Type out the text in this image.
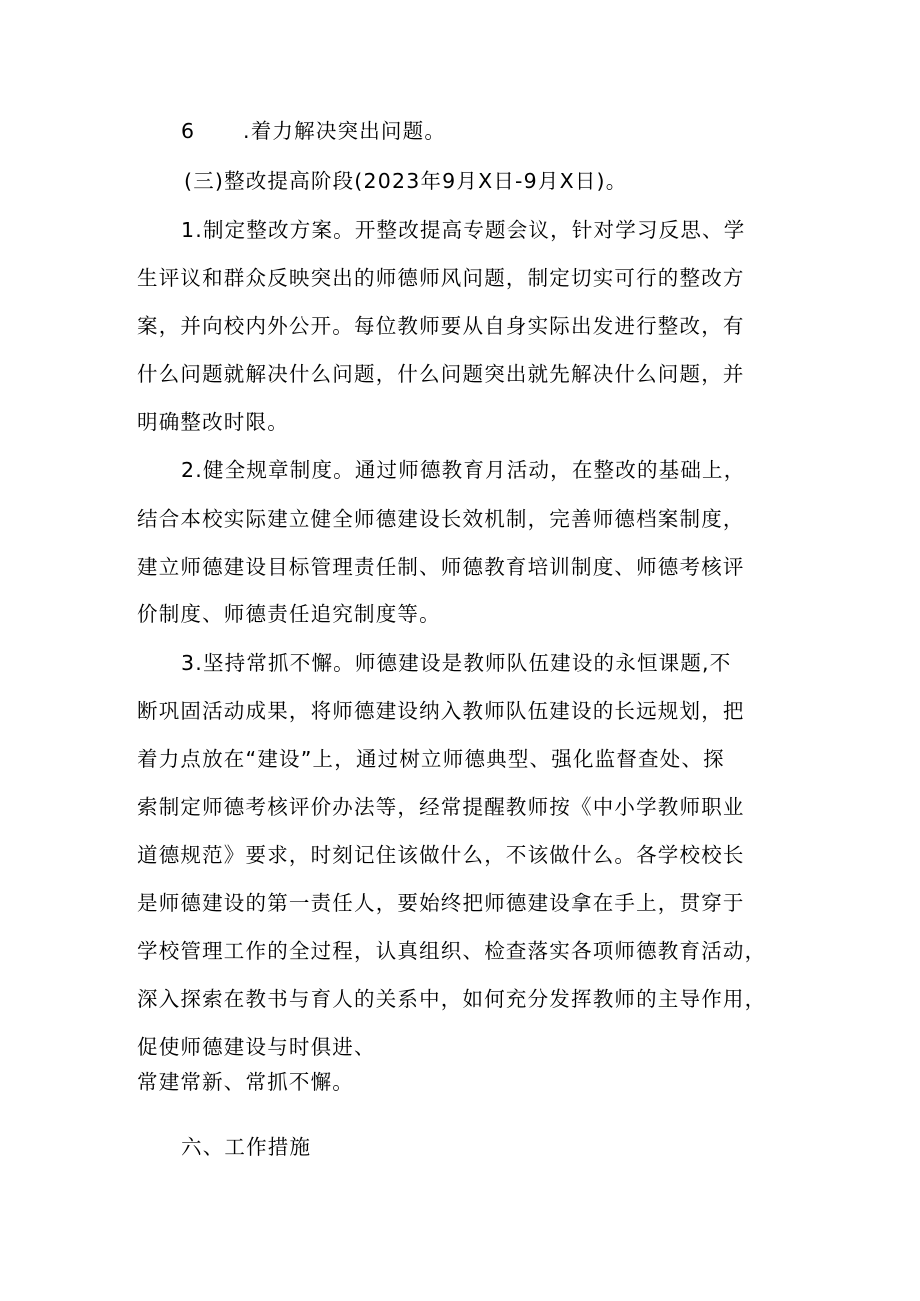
6 .着力解决突出问题。
(三)整改提高阶段(2023年9月X日-9月X日)。
1.制定整改方案。开整改提高专题会议，针对学习反思、学
生评议和群众反映突出的师德师风问题，制定切实可行的整改方
案，并向校内外公开。每位教师要从自身实际出发进行整改，有
什么问题就解决什么问题，什么问题突出就先解决什么问题，并
明确整改时限。
2.健全规章制度。通过师德教育月活动，在整改的基础上，
结合本校实际建立健全师德建设长效机制，完善师德档案制度，
建立师德建设目标管理责任制、师德教育培训制度、师德考核评
价制度、师德责任追究制度等。
3.坚持常抓不懈。师德建设是教师队伍建设的永恒课题,不
断巩固活动成果，将师德建设纳入教师队伍建设的长远规划，把
着力点放在“建设”上，通过树立师德典型、强化监督查处、探
索制定师德考核评价办法等，经常提醒教师按《中小学教师职业
道德规范》要求，时刻记住该做什么，不该做什么。各学校校长
是师德建设的第一责任人，要始终把师德建设拿在手上，贯穿于
学校管理工作的全过程，认真组织、检查落实各项师德教育活动，
深入探索在教书与育人的关系中，如何充分发挥教师的主导作用，
促使师德建设与时俱进、
常建常新、常抓不懈。
六、工作措施
